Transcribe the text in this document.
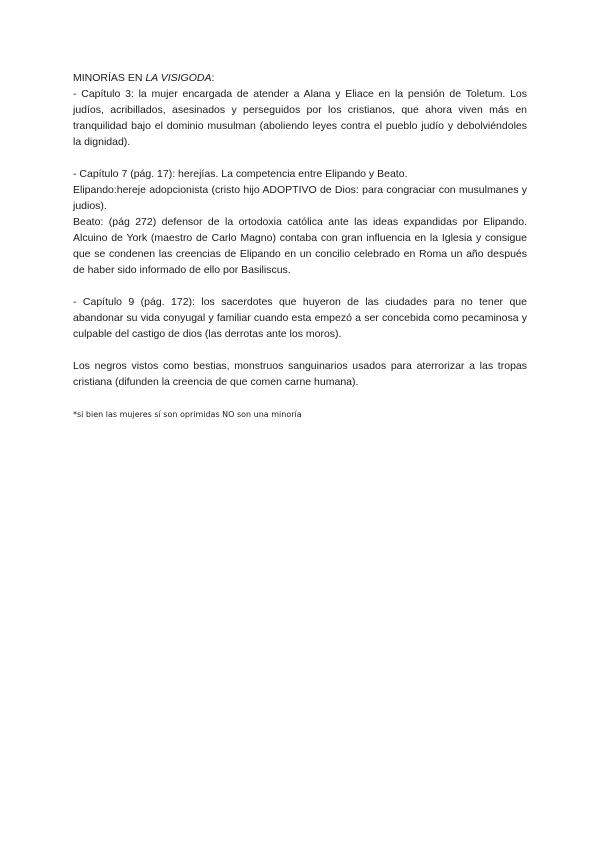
MINORÍAS EN LA VISIGODA:

- Capítulo 3: la mujer encargada de atender a Alana y Eliace en la pensión de Toletum. Los judíos, acribillados, asesinados y perseguidos por los cristianos, que ahora viven más en tranquilidad bajo el dominio musulman (aboliendo leyes contra el pueblo judío y debolviéndoles la dignidad).

- Capítulo 7 (pág. 17): herejías. La competencia entre Elipando y Beato.

Elipando:hereje adopcionista (cristo hijo ADOPTIVO de Dios: para congraciar con musulmanes y judios).

Beato: (pág 272) defensor de la ortodoxia católica ante las ideas expandidas por Elipando. Alcuino de York (maestro de Carlo Magno) contaba con gran influencia en la Iglesia y consigue que se condenen las creencias de Elipando en un concilio celebrado en Roma un año después de haber sido informado de ello por Basiliscus.

- Capítulo 9 (pág. 172): los sacerdotes que huyeron de las ciudades para no tener que abandonar su vida conyugal y familiar cuando esta empezó a ser concebida como pecaminosa y culpable del castigo de dios (las derrotas ante los moros).

Los negros vistos como bestias, monstruos sanguinarios usados para aterrorizar a las tropas cristiana (difunden la creencia de que comen carne humana).

*si bien las mujeres sí son oprimidas NO son una minoría
